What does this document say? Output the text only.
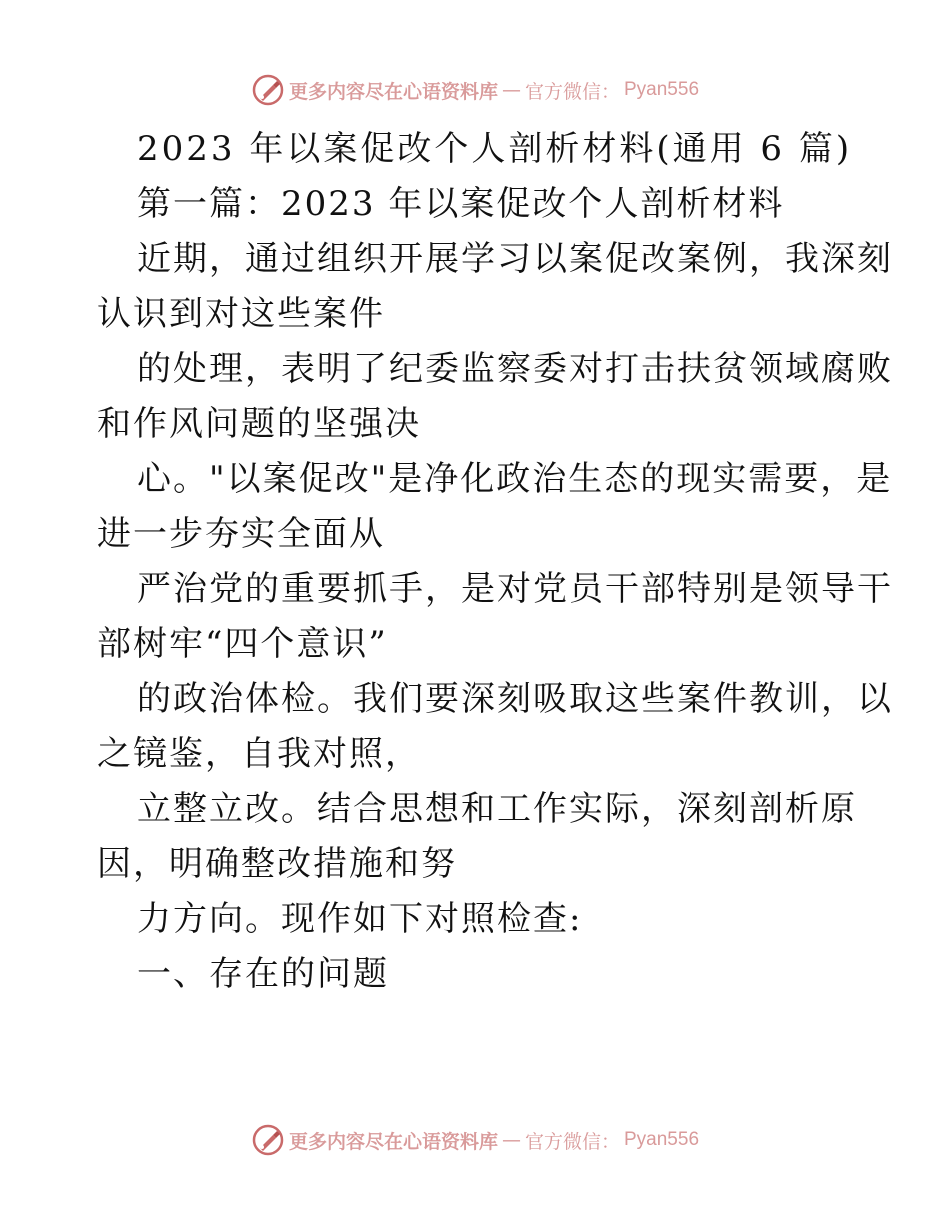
更多内容尽在心语资料库 — 官方微信： Pyan556
2023 年以案促改个人剖析材料(通用 6 篇)
第一篇：2023 年以案促改个人剖析材料
近期，通过组织开展学习以案促改案例，我深刻
认识到对这些案件
的处理，表明了纪委监察委对打击扶贫领域腐败
和作风问题的坚强决
心。"以案促改"是净化政治生态的现实需要，是
进一步夯实全面从
严治党的重要抓手，是对党员干部特别是领导干
部树牢“四个意识”
的政治体检。我们要深刻吸取这些案件教训，以
之镜鉴，自我对照，
立整立改。结合思想和工作实际，深刻剖析原
因，明确整改措施和努
力方向。现作如下对照检查:
一、存在的问题
更多内容尽在心语资料库 — 官方微信： Pyan556
